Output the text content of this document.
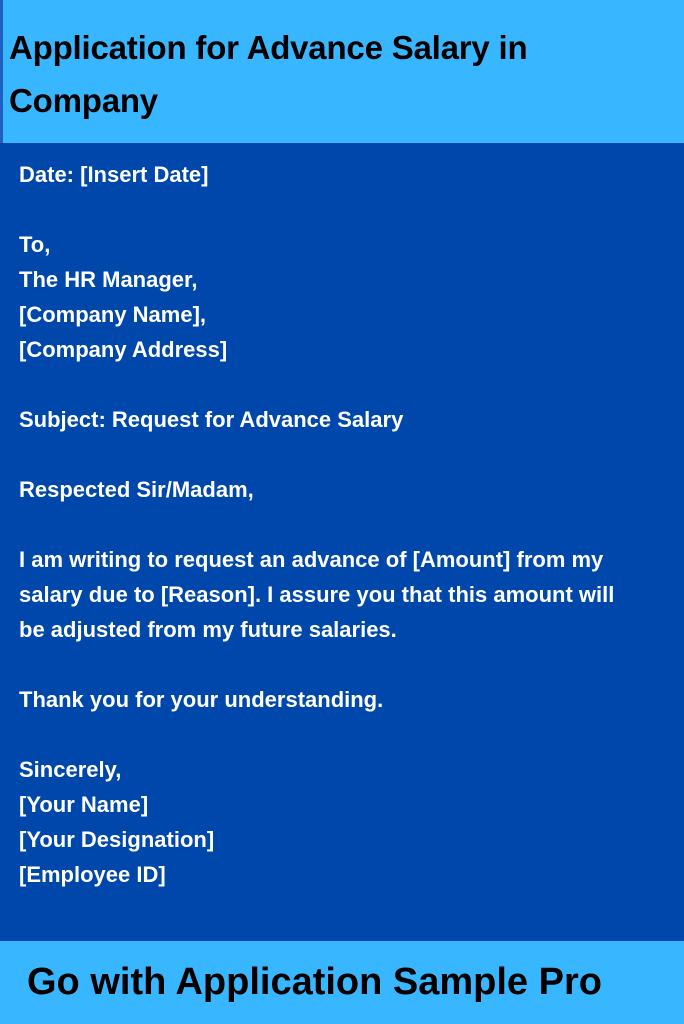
Application for Advance Salary in
Company
Date: [Insert Date]
To,
The HR Manager,
[Company Name],
[Company Address]
Subject: Request for Advance Salary
Respected Sir/Madam,
I am writing to request an advance of [Amount] from my
salary due to [Reason]. I assure you that this amount will
be adjusted from my future salaries.
Thank you for your understanding.
Sincerely,
[Your Name]
[Your Designation]
[Employee ID]
Go with Application Sample Pro
